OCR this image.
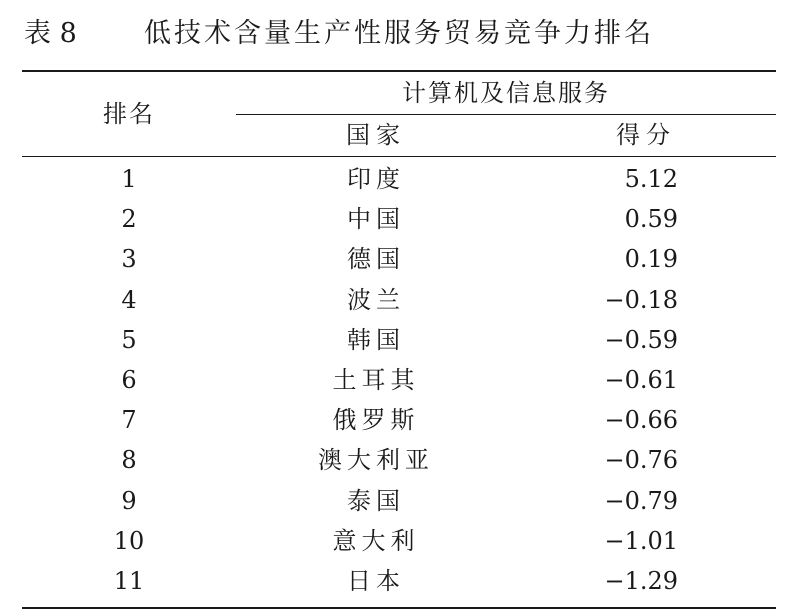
表 8 低技术含量生产性服务贸易竞争力排名
排名
计算机及信息服务
国家	得分
1	印度	5.12
2	中国	0.59
3	德国	0.19
4	波兰	−0.18
5	韩国	−0.59
6	土耳其	−0.61
7	俄罗斯	−0.66
8	澳大利亚	−0.76
9	泰国	−0.79
10	意大利	−1.01
11	日本	−1.29
